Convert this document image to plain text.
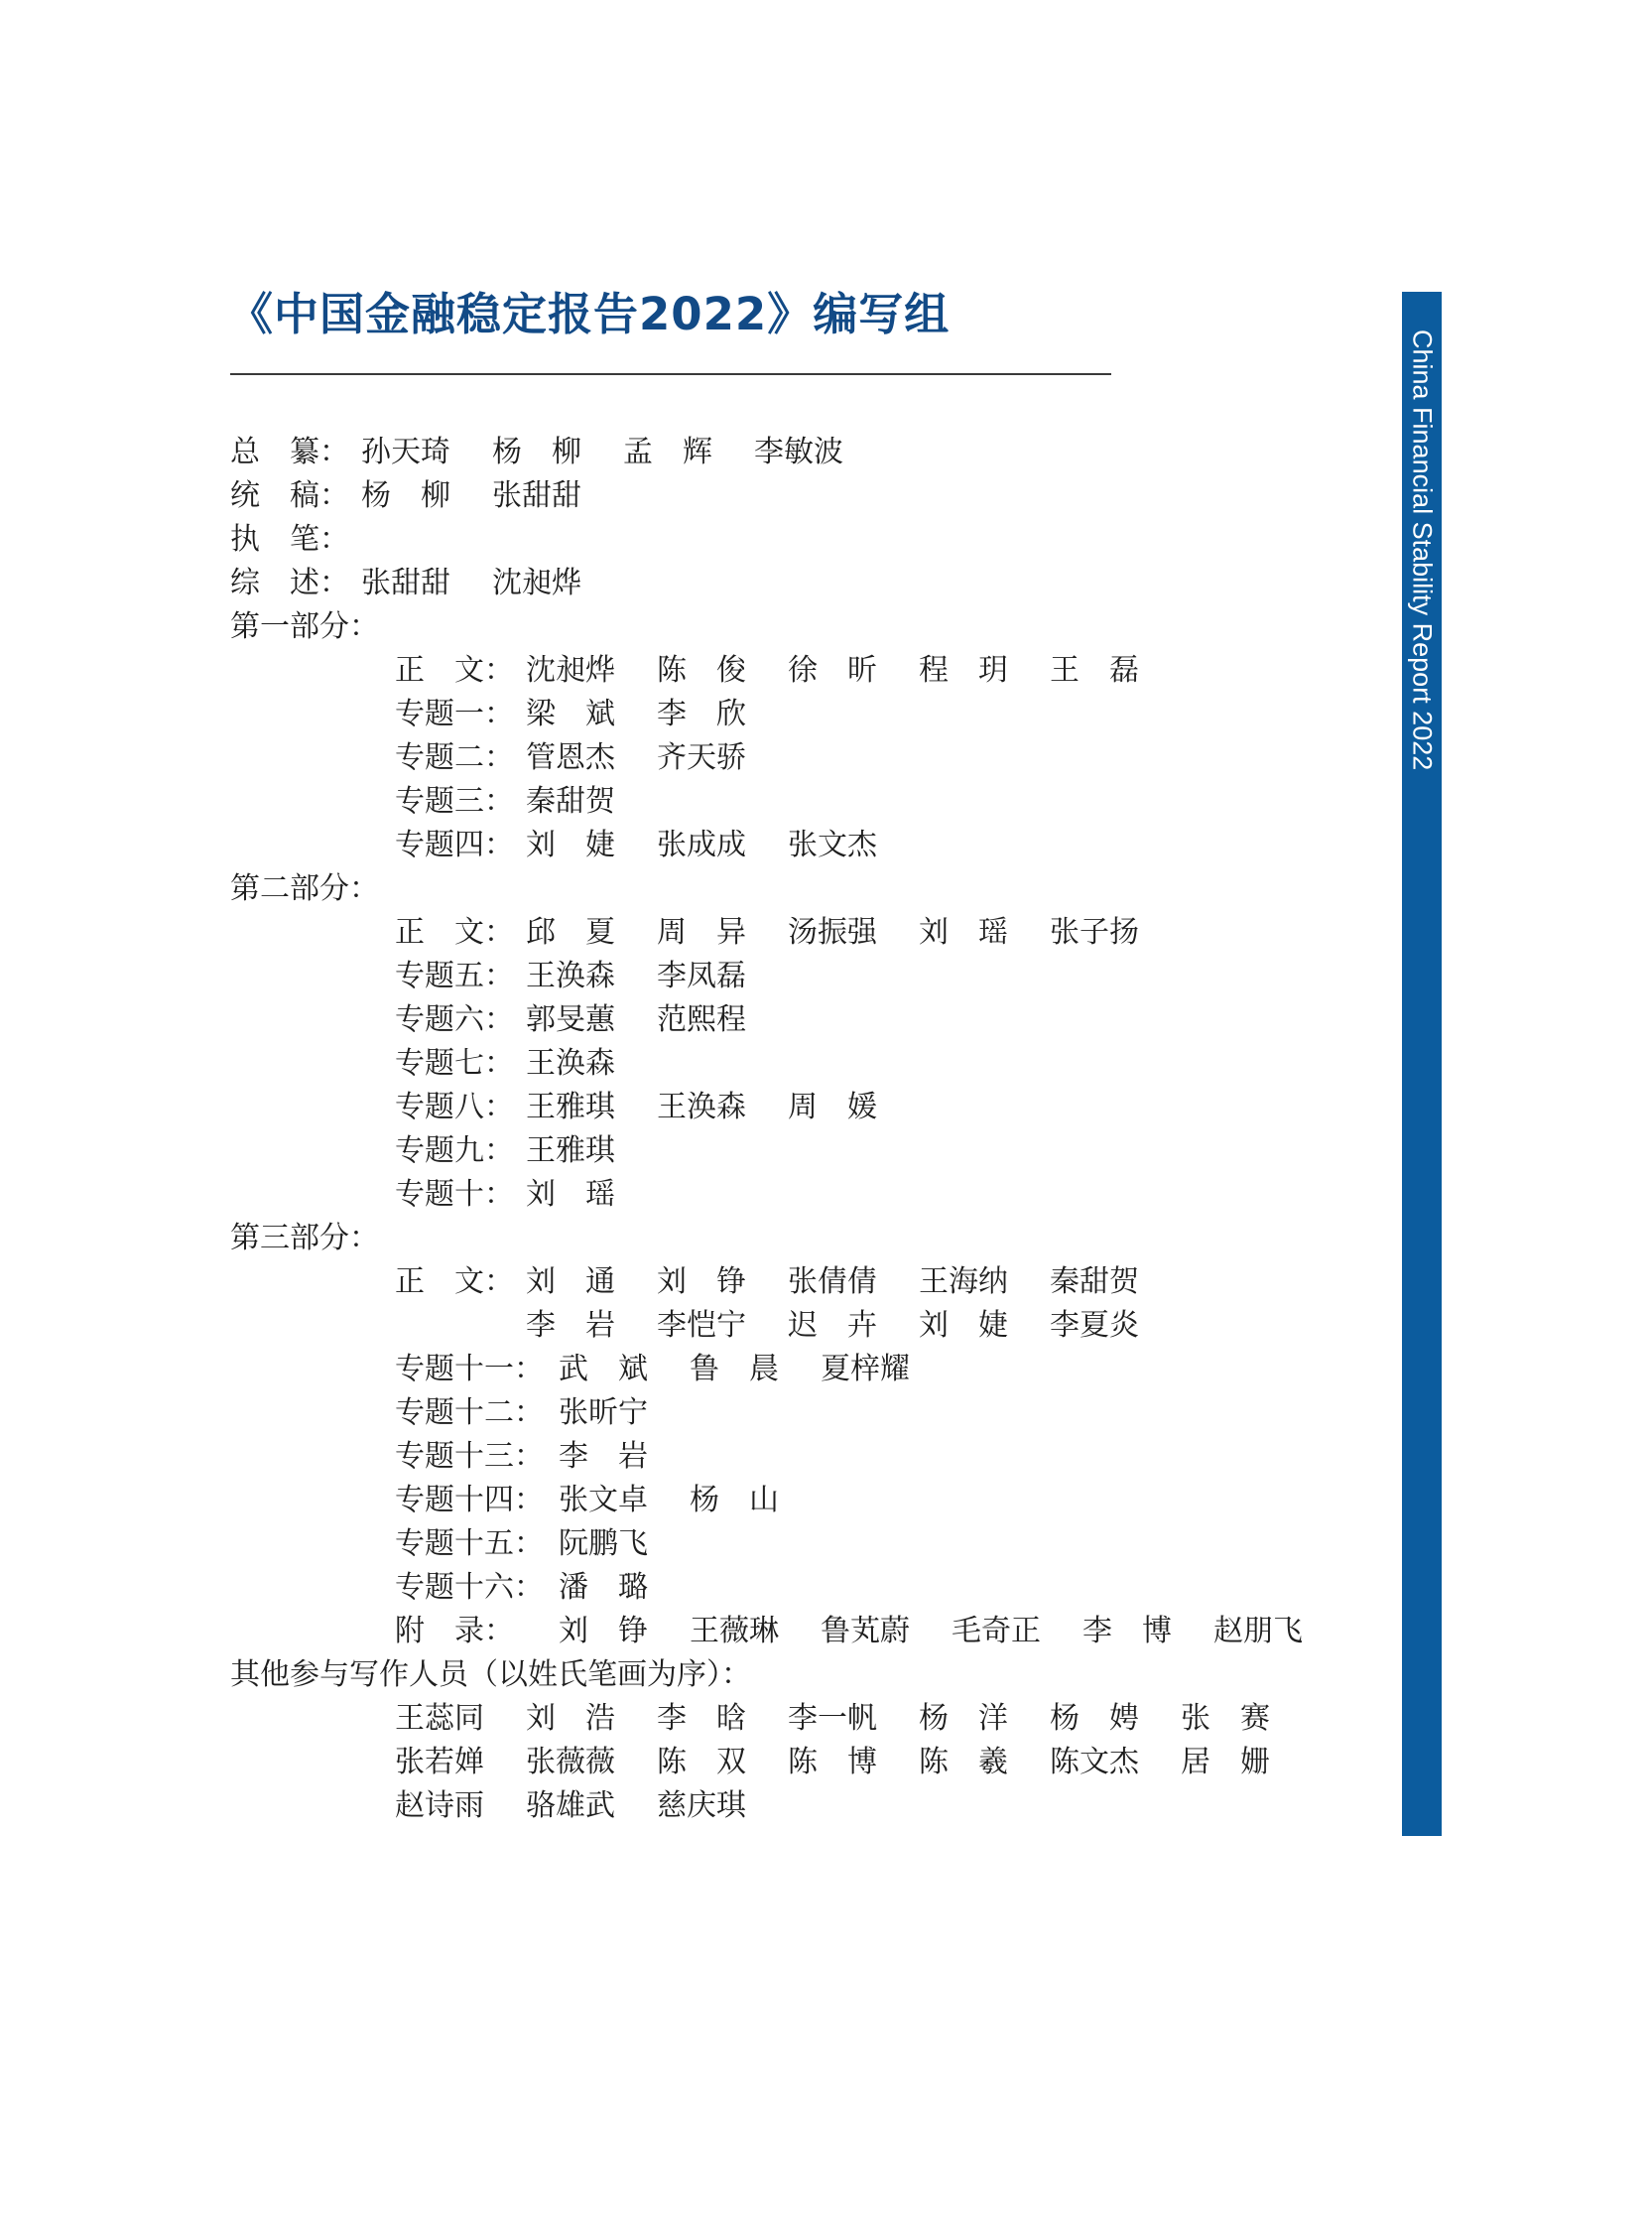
《中国金融稳定报告2022》编写组
China Financial Stability Report 2022
总　纂： 孙天琦 杨　柳 孟　辉 李敏波
统　稿： 杨　柳 张甜甜
执　笔：
综　述： 张甜甜 沈昶烨
第一部分：
正　文： 沈昶烨 陈　俊 徐　昕 程　玥 王　磊
专题一： 梁　斌 李　欣
专题二： 管恩杰 齐天骄
专题三： 秦甜贺
专题四： 刘　婕 张成成 张文杰
第二部分：
正　文： 邱　夏 周　异 汤振强 刘　瑶 张子扬
专题五： 王涣森 李凤磊
专题六： 郭旻蕙 范熙程
专题七： 王涣森
专题八： 王雅琪 王涣森 周　媛
专题九： 王雅琪
专题十： 刘　瑶
第三部分：
正　文： 刘　通 刘　铮 张倩倩 王海纳 秦甜贺
李　岩 李恺宁 迟　卉 刘　婕 李夏炎
专题十一： 武　斌 鲁　晨 夏梓耀
专题十二： 张昕宁
专题十三： 李　岩
专题十四： 张文卓 杨　山
专题十五： 阮鹏飞
专题十六： 潘　璐
附　录：	刘　铮 王薇琳 鲁芄蔚 毛奇正 李　博 赵朋飞
其他参与写作人员（以姓氏笔画为序）：
王蕊同 刘　浩 李　晗 李一帆 杨　洋 杨　娉 张　赛
张若婵 张薇薇 陈　双 陈　博 陈　羲 陈文杰 居　姗
赵诗雨 骆雄武 慈庆琪
